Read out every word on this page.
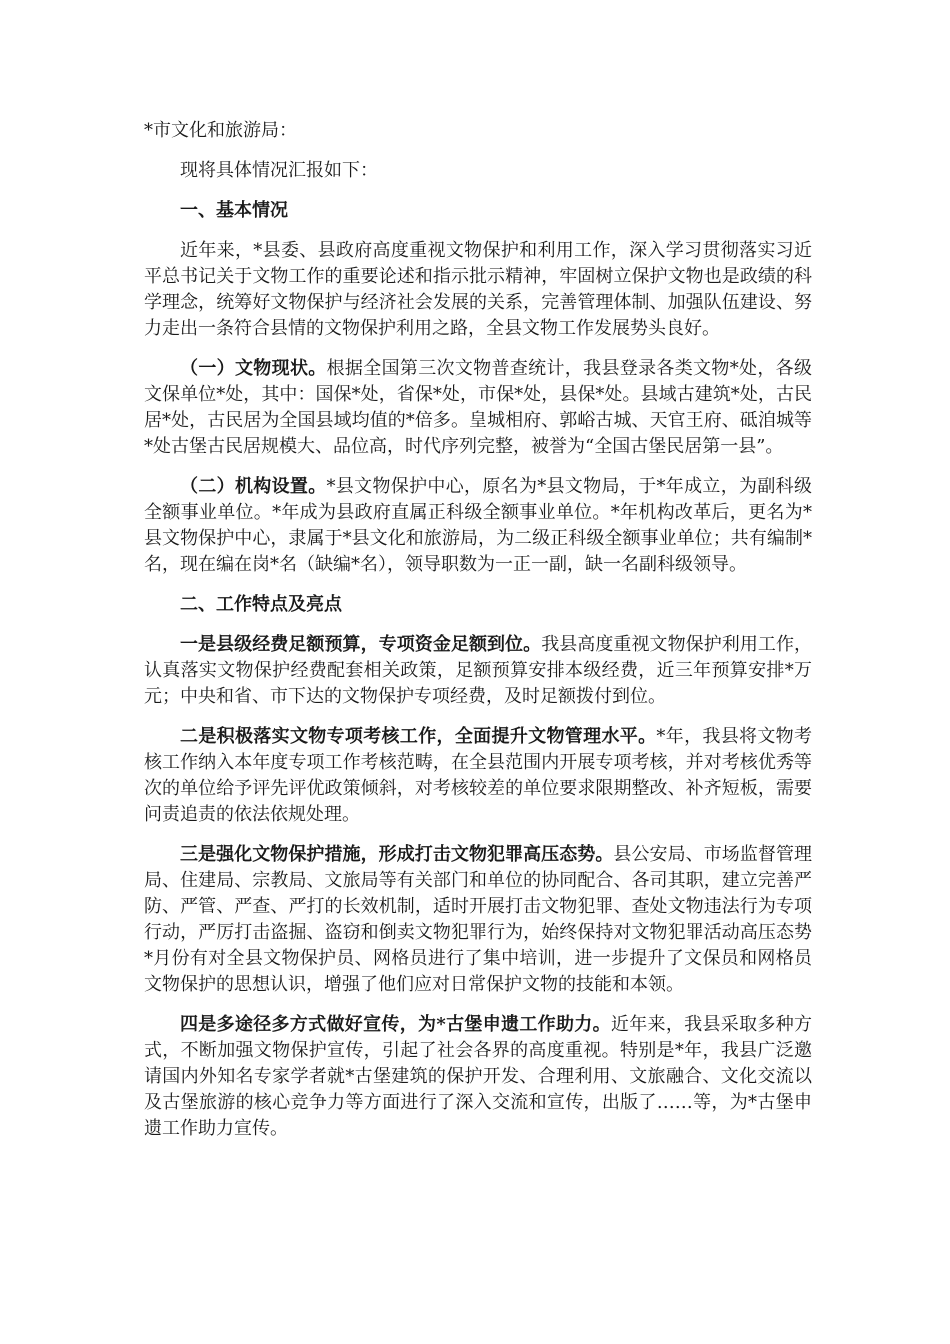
*市文化和旅游局：
现将具体情况汇报如下：
一、基本情况
近年来，*县委、县政府高度重视文物保护和利用工作，深入学习贯彻落实习近平总书记关于文物工作的重要论述和指示批示精神，牢固树立保护文物也是政绩的科学理念，统筹好文物保护与经济社会发展的关系，完善管理体制、加强队伍建设、努力走出一条符合县情的文物保护利用之路，全县文物工作发展势头良好。
（一）文物现状。根据全国第三次文物普查统计，我县登录各类文物*处，各级文保单位*处，其中：国保*处，省保*处，市保*处，县保*处。县域古建筑*处，古民居*处，古民居为全国县域均值的*倍多。皇城相府、郭峪古城、天官王府、砥洎城等*处古堡古民居规模大、品位高，时代序列完整，被誉为“全国古堡民居第一县”。
（二）机构设置。*县文物保护中心，原名为*县文物局，于*年成立，为副科级全额事业单位。*年成为县政府直属正科级全额事业单位。*年机构改革后，更名为*县文物保护中心，隶属于*县文化和旅游局，为二级正科级全额事业单位；共有编制*名，现在编在岗*名（缺编*名），领导职数为一正一副，缺一名副科级领导。
二、工作特点及亮点
一是县级经费足额预算，专项资金足额到位。我县高度重视文物保护利用工作，认真落实文物保护经费配套相关政策，足额预算安排本级经费，近三年预算安排*万元；中央和省、市下达的文物保护专项经费，及时足额拨付到位。
二是积极落实文物专项考核工作，全面提升文物管理水平。*年，我县将文物考核工作纳入本年度专项工作考核范畴，在全县范围内开展专项考核，并对考核优秀等次的单位给予评先评优政策倾斜，对考核较差的单位要求限期整改、补齐短板，需要问责追责的依法依规处理。
三是强化文物保护措施，形成打击文物犯罪高压态势。县公安局、市场监督管理局、住建局、宗教局、文旅局等有关部门和单位的协同配合、各司其职，建立完善严防、严管、严查、严打的长效机制，适时开展打击文物犯罪、查处文物违法行为专项行动，严厉打击盗掘、盗窃和倒卖文物犯罪行为，始终保持对文物犯罪活动高压态势*月份有对全县文物保护员、网格员进行了集中培训，进一步提升了文保员和网格员文物保护的思想认识，增强了他们应对日常保护文物的技能和本领。
四是多途径多方式做好宣传，为*古堡申遗工作助力。近年来，我县采取多种方式，不断加强文物保护宣传，引起了社会各界的高度重视。特别是*年，我县广泛邀请国内外知名专家学者就*古堡建筑的保护开发、合理利用、文旅融合、文化交流以及古堡旅游的核心竞争力等方面进行了深入交流和宣传，出版了……等，为*古堡申遗工作助力宣传。
